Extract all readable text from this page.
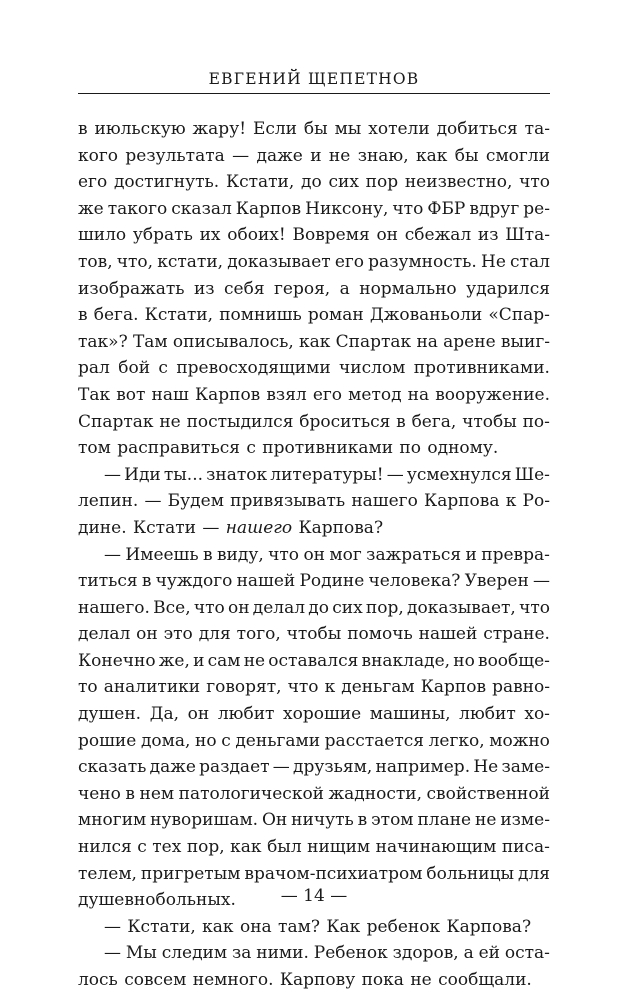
ЕВГЕНИЙ ЩЕПЕТНОВ
в июльскую жару! Если бы мы хотели добиться та-
кого результата — даже и не знаю, как бы смогли
его достигнуть. Кстати, до сих пор неизвестно, что
же такого сказал Карпов Никсону, что ФБР вдруг ре-
шило убрать их обоих! Вовремя он сбежал из Шта-
тов, что, кстати, доказывает его разумность. Не стал
изображать из себя героя, а нормально ударился
в бега. Кстати, помнишь роман Джованьоли «Спар-
так»? Там описывалось, как Спартак на арене выиг-
рал бой с превосходящими числом противниками.
Так вот наш Карпов взял его метод на вооружение.
Спартак не постыдился броситься в бега, чтобы по-
том расправиться с противниками по одному.
— Иди ты... знаток литературы! — усмехнулся Ше-
лепин. — Будем привязывать нашего Карпова к Ро-
дине. Кстати — нашего Карпова?
— Имеешь в виду, что он мог зажраться и превра-
титься в чуждого нашей Родине человека? Уверен —
нашего. Все, что он делал до сих пор, доказывает, что
делал он это для того, чтобы помочь нашей стране.
Конечно же, и сам не оставался внакладе, но вообще-
то аналитики говорят, что к деньгам Карпов равно-
душен. Да, он любит хорошие машины, любит хо-
рошие дома, но с деньгами расстается легко, можно
сказать даже раздает — друзьям, например. Не заме-
чено в нем патологической жадности, свойственной
многим нуворишам. Он ничуть в этом плане не изме-
нился с тех пор, как был нищим начинающим писа-
телем, пригретым врачом-психиатром больницы для
душевнобольных.
— Кстати, как она там? Как ребенок Карпова?
— Мы следим за ними. Ребенок здоров, а ей оста-
лось совсем немного. Карпову пока не сообщали.
— 14 —
